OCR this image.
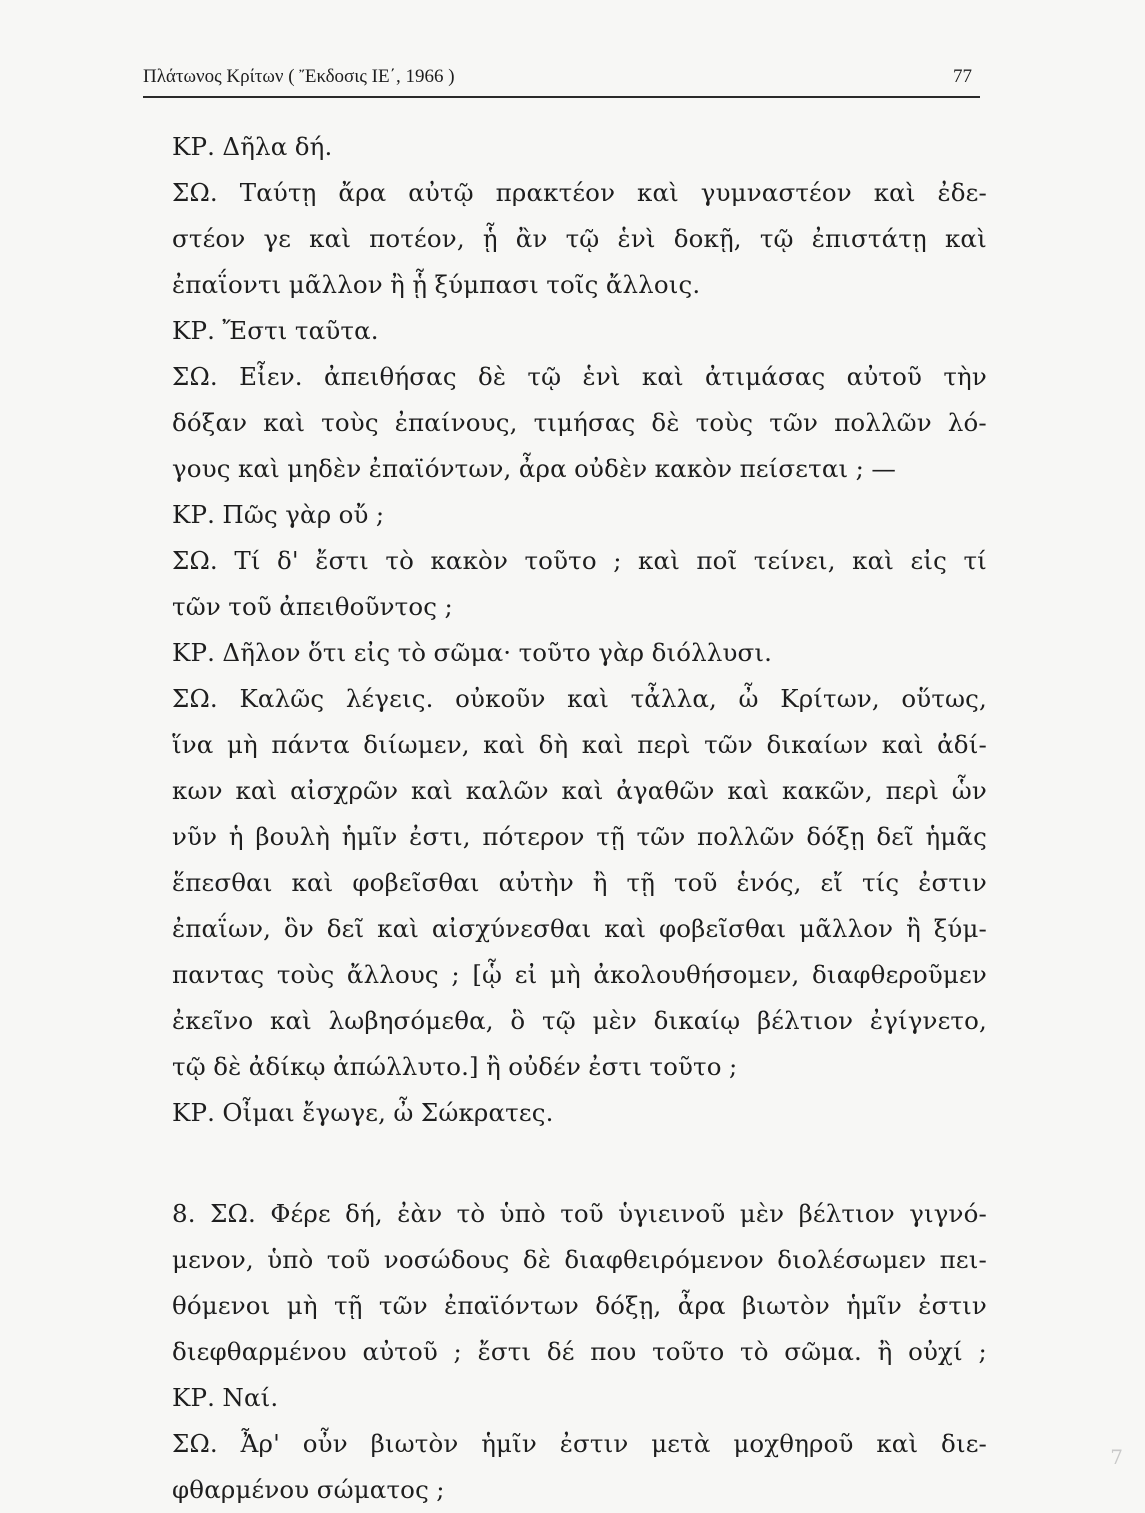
Πλάτωνος Κρίτων ( Ἔκδοσις ΙΕ΄, 1966 )	77
ΚΡ. Δῆλα δή.
ΣΩ. Ταύτῃ ἄρα αὐτῷ πρακτέον καὶ γυμναστέον καὶ ἐδε-
στέον γε καὶ ποτέον, ᾗ ἂν τῷ ἑνὶ δοκῇ, τῷ ἐπιστάτῃ καὶ
ἐπαΐοντι μᾶλλον ἢ ᾗ ξύμπασι τοῖς ἄλλοις.
ΚΡ. Ἔστι ταῦτα.
ΣΩ. Εἶεν. ἀπειθήσας δὲ τῷ ἑνὶ καὶ ἀτιμάσας αὐτοῦ τὴν
δόξαν καὶ τοὺς ἐπαίνους, τιμήσας δὲ τοὺς τῶν πολλῶν λό-
γους καὶ μηδὲν ἐπαϊόντων, ἆρα οὐδὲν κακὸν πείσεται ; —
ΚΡ. Πῶς γὰρ οὔ ;
ΣΩ. Τί δ' ἔστι τὸ κακὸν τοῦτο ; καὶ ποῖ τείνει, καὶ εἰς τί
τῶν τοῦ ἀπειθοῦντος ;
ΚΡ. Δῆλον ὅτι εἰς τὸ σῶμα· τοῦτο γὰρ διόλλυσι.
ΣΩ. Καλῶς λέγεις. οὐκοῦν καὶ τἆλλα, ὦ Κρίτων, οὕτως,
ἵνα μὴ πάντα διίωμεν, καὶ δὴ καὶ περὶ τῶν δικαίων καὶ ἀδί-
κων καὶ αἰσχρῶν καὶ καλῶν καὶ ἀγαθῶν καὶ κακῶν, περὶ ὧν
νῦν ἡ βουλὴ ἡμῖν ἐστι, πότερον τῇ τῶν πολλῶν δόξῃ δεῖ ἡμᾶς
ἕπεσθαι καὶ φοβεῖσθαι αὐτὴν ἢ τῇ τοῦ ἑνός, εἴ τίς ἐστιν
ἐπαΐων, ὃν δεῖ καὶ αἰσχύνεσθαι καὶ φοβεῖσθαι μᾶλλον ἢ ξύμ-
παντας τοὺς ἄλλους ; [ᾧ εἰ μὴ ἀκολουθήσομεν, διαφθεροῦμεν
ἐκεῖνο καὶ λωβησόμεθα, ὃ τῷ μὲν δικαίῳ βέλτιον ἐγίγνετο,
τῷ δὲ ἀδίκῳ ἀπώλλυτο.] ἢ οὐδέν ἐστι τοῦτο ;
ΚΡ. Οἶμαι ἔγωγε, ὦ Σώκρατες.
8. ΣΩ. Φέρε δή, ἐὰν τὸ ὑπὸ τοῦ ὑγιεινοῦ μὲν βέλτιον γιγνό-
μενον, ὑπὸ τοῦ νοσώδους δὲ διαφθειρόμενον διολέσωμεν πει-
θόμενοι μὴ τῇ τῶν ἐπαϊόντων δόξῃ, ἆρα βιωτὸν ἡμῖν ἐστιν
διεφθαρμένου αὐτοῦ ; ἔστι δέ που τοῦτο τὸ σῶμα. ἢ οὐχί ;
ΚΡ. Ναί.
ΣΩ. Ἆρ' οὖν βιωτὸν ἡμῖν ἐστιν μετὰ μοχθηροῦ καὶ διε-
φθαρμένου σώματος ;
7
